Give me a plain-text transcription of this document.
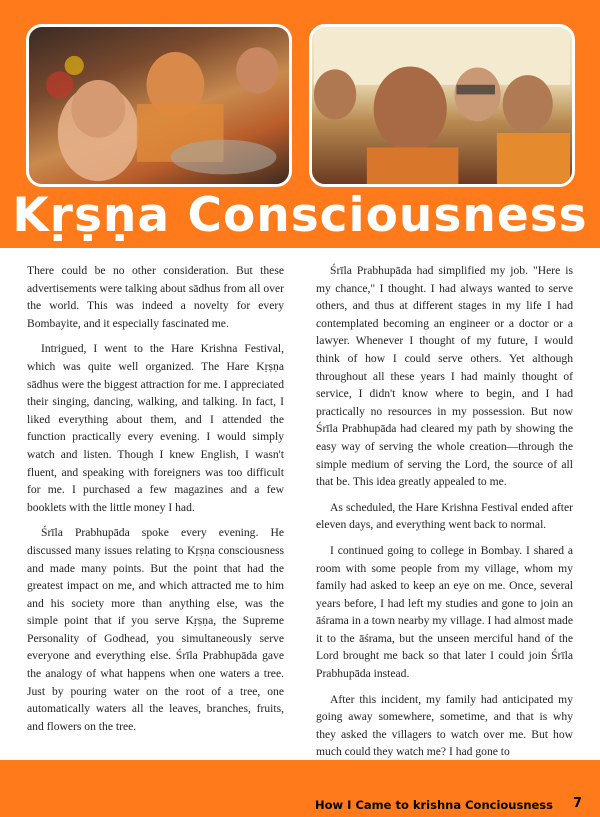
Kṛṣṇa Consciousness

There could be no other consideration. But these advertisements were talking about sādhus from all over the world. This was indeed a novelty for every Bombayite, and it especially fascinated me.

Intrigued, I went to the Hare Krishna Festival, which was quite well organized. The Hare Kṛṣṇa sādhus were the biggest attraction for me. I appreciated their singing, dancing, walking, and talking. In fact, I liked everything about them, and I attended the function practically every evening. I would simply watch and listen. Though I knew English, I wasn't fluent, and speaking with foreigners was too difficult for me. I purchased a few magazines and a few booklets with the little money I had.

Śrīla Prabhupāda spoke every evening. He discussed many issues relating to Kṛṣṇa consciousness and made many points. But the point that had the greatest impact on me, and which attracted me to him and his society more than anything else, was the simple point that if you serve Kṛṣṇa, the Supreme Personality of Godhead, you simultaneously serve everyone and everything else. Śrīla Prabhupāda gave the analogy of what happens when one waters a tree. Just by pouring water on the root of a tree, one automatically waters all the leaves, branches, fruits, and flowers on the tree.

Śrīla Prabhupāda had simplified my job. "Here is my chance," I thought. I had always wanted to serve others, and thus at different stages in my life I had contemplated becoming an engineer or a doctor or a lawyer. Whenever I thought of my future, I would think of how I could serve others. Yet although throughout all these years I had mainly thought of service, I didn't know where to begin, and I had practically no resources in my possession. But now Śrīla Prabhupāda had cleared my path by showing the easy way of serving the whole creation—through the simple medium of serving the Lord, the source of all that be. This idea greatly appealed to me.

As scheduled, the Hare Krishna Festival ended after eleven days, and everything went back to normal.

I continued going to college in Bombay. I shared a room with some people from my village, whom my family had asked to keep an eye on me. Once, several years before, I had left my studies and gone to join an āśrama in a town nearby my village. I had almost made it to the āśrama, but the unseen merciful hand of the Lord brought me back so that later I could join Śrīla Prabhupāda instead.

After this incident, my family had anticipated my going away somewhere, sometime, and that is why they asked the villagers to watch over me. But how much could they watch me? I had gone to

How I Came to krishna Conciousness 7
